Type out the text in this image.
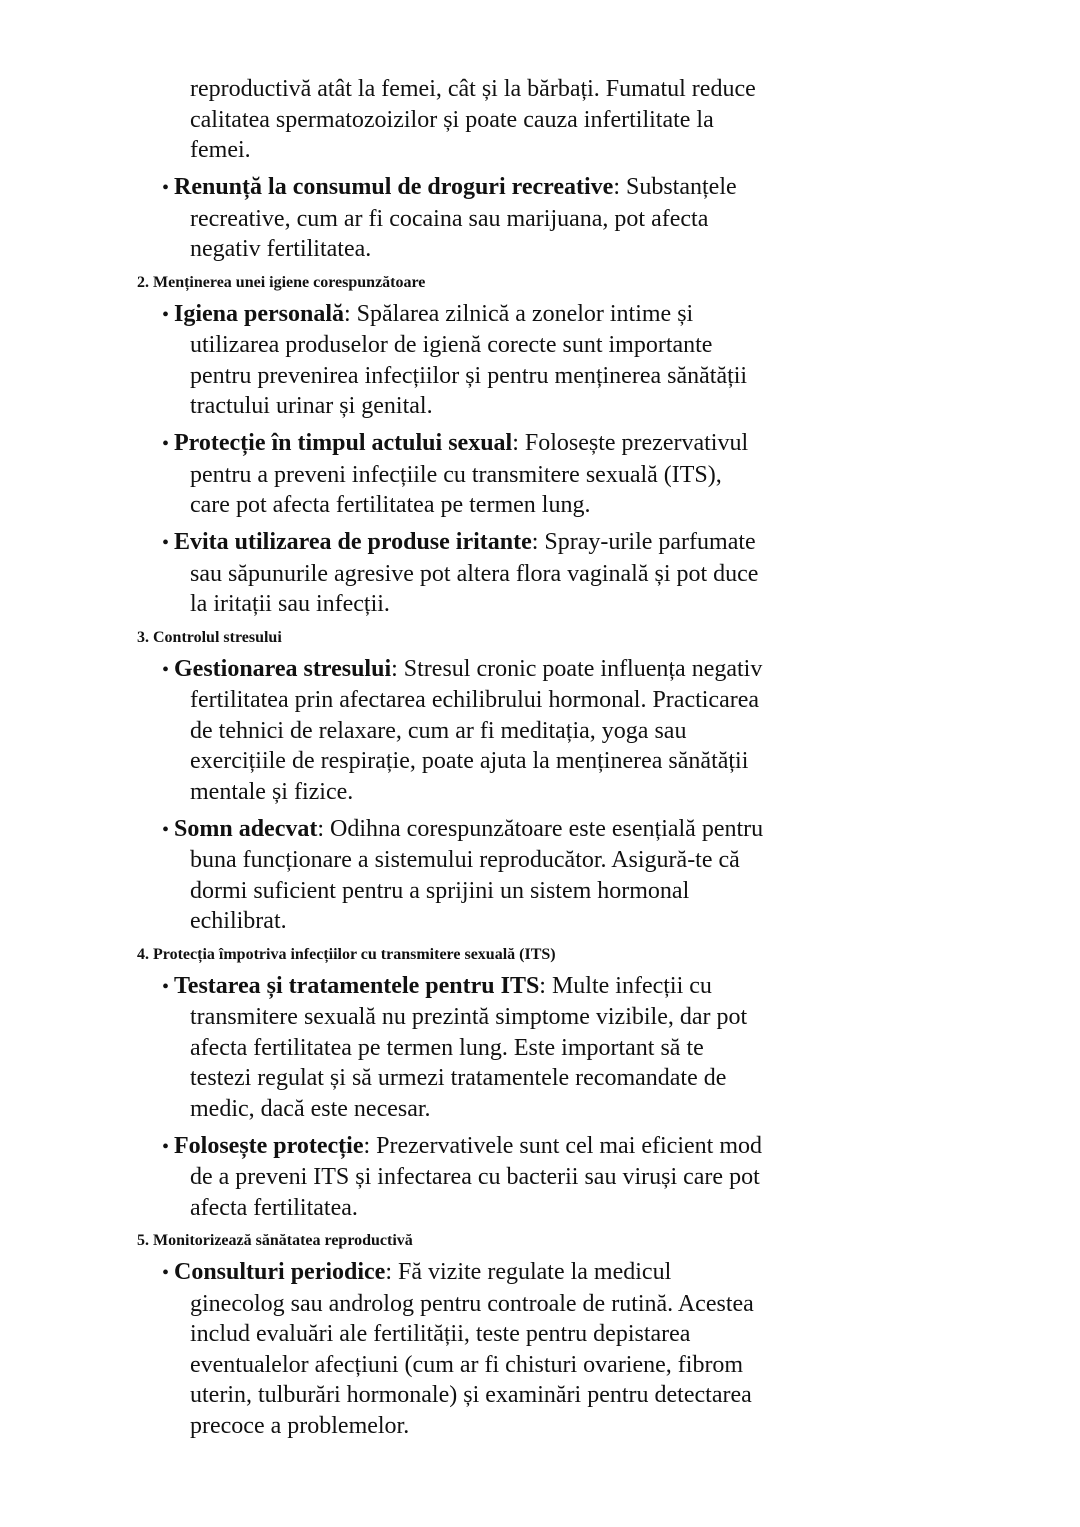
reproductivă atât la femei, cât și la bărbați. Fumatul reduce
calitatea spermatozoizilor și poate cauza infertilitate la
femei.
• Renunță la consumul de droguri recreative: Substanțele
recreative, cum ar fi cocaina sau marijuana, pot afecta
negativ fertilitatea.
2. Menținerea unei igiene corespunzătoare
• Igiena personală: Spălarea zilnică a zonelor intime și
utilizarea produselor de igienă corecte sunt importante
pentru prevenirea infecțiilor și pentru menținerea sănătății
tractului urinar și genital.
• Protecție în timpul actului sexual: Folosește prezervativul
pentru a preveni infecțiile cu transmitere sexuală (ITS),
care pot afecta fertilitatea pe termen lung.
• Evita utilizarea de produse iritante: Spray-urile parfumate
sau săpunurile agresive pot altera flora vaginală și pot duce
la iritații sau infecții.
3. Controlul stresului
• Gestionarea stresului: Stresul cronic poate influența negativ
fertilitatea prin afectarea echilibrului hormonal. Practicarea
de tehnici de relaxare, cum ar fi meditația, yoga sau
exercițiile de respirație, poate ajuta la menținerea sănătății
mentale și fizice.
• Somn adecvat: Odihna corespunzătoare este esențială pentru
buna funcționare a sistemului reproducător. Asigură-te că
dormi suficient pentru a sprijini un sistem hormonal
echilibrat.
4. Protecția împotriva infecțiilor cu transmitere sexuală (ITS)
• Testarea și tratamentele pentru ITS: Multe infecții cu
transmitere sexuală nu prezintă simptome vizibile, dar pot
afecta fertilitatea pe termen lung. Este important să te
testezi regulat și să urmezi tratamentele recomandate de
medic, dacă este necesar.
• Folosește protecție: Prezervativele sunt cel mai eficient mod
de a preveni ITS și infectarea cu bacterii sau viruși care pot
afecta fertilitatea.
5. Monitorizează sănătatea reproductivă
• Consulturi periodice: Fă vizite regulate la medicul
ginecolog sau androlog pentru controale de rutină. Acestea
includ evaluări ale fertilității, teste pentru depistarea
eventualelor afecțiuni (cum ar fi chisturi ovariene, fibrom
uterin, tulburări hormonale) și examinări pentru detectarea
precoce a problemelor.
